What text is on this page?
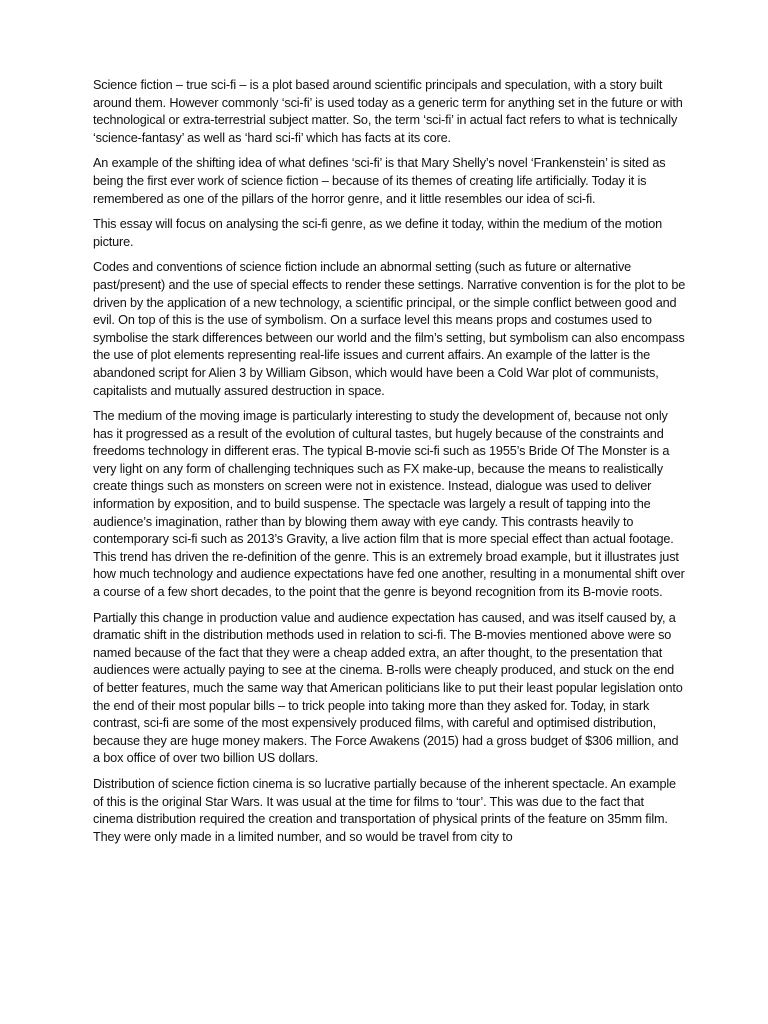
Science fiction – true sci-fi – is a plot based around scientific principals and speculation, with a story built around them. However commonly ‘sci-fi’ is used today as a generic term for anything set in the future or with technological or extra-terrestrial subject matter. So, the term ‘sci-fi’ in actual fact refers to what is technically ‘science-fantasy’ as well as ‘hard sci-fi’ which has facts at its core.

An example of the shifting idea of what defines ‘sci-fi’ is that Mary Shelly’s novel ‘Frankenstein’ is sited as being the first ever work of science fiction – because of its themes of creating life artificially. Today it is remembered as one of the pillars of the horror genre, and it little resembles our idea of sci-fi.

This essay will focus on analysing the sci-fi genre, as we define it today, within the medium of the motion picture.

Codes and conventions of science fiction include an abnormal setting (such as future or alternative past/present) and the use of special effects to render these settings. Narrative convention is for the plot to be driven by the application of a new technology, a scientific principal, or the simple conflict between good and evil. On top of this is the use of symbolism. On a surface level this means props and costumes used to symbolise the stark differences between our world and the film’s setting, but symbolism can also encompass the use of plot elements representing real-life issues and current affairs. An example of the latter is the abandoned script for Alien 3 by William Gibson, which would have been a Cold War plot of communists, capitalists and mutually assured destruction in space.

The medium of the moving image is particularly interesting to study the development of, because not only has it progressed as a result of the evolution of cultural tastes, but hugely because of the constraints and freedoms technology in different eras. The typical B-movie sci-fi such as 1955’s Bride Of The Monster is a very light on any form of challenging techniques such as FX make-up, because the means to realistically create things such as monsters on screen were not in existence. Instead, dialogue was used to deliver information by exposition, and to build suspense. The spectacle was largely a result of tapping into the audience’s imagination, rather than by blowing them away with eye candy. This contrasts heavily to contemporary sci-fi such as 2013’s Gravity, a live action film that is more special effect than actual footage. This trend has driven the re-definition of the genre. This is an extremely broad example, but it illustrates just how much technology and audience expectations have fed one another, resulting in a monumental shift over a course of a few short decades, to the point that the genre is beyond recognition from its B-movie roots.

Partially this change in production value and audience expectation has caused, and was itself caused by, a dramatic shift in the distribution methods used in relation to sci-fi. The B-movies mentioned above were so named because of the fact that they were a cheap added extra, an after thought, to the presentation that audiences were actually paying to see at the cinema. B-rolls were cheaply produced, and stuck on the end of better features, much the same way that American politicians like to put their least popular legislation onto the end of their most popular bills – to trick people into taking more than they asked for. Today, in stark contrast, sci-fi are some of the most expensively produced films, with careful and optimised distribution, because they are huge money makers. The Force Awakens (2015) had a gross budget of $306 million, and a box office of over two billion US dollars.

Distribution of science fiction cinema is so lucrative partially because of the inherent spectacle. An example of this is the original Star Wars. It was usual at the time for films to ‘tour’. This was due to the fact that cinema distribution required the creation and transportation of physical prints of the feature on 35mm film. They were only made in a limited number, and so would be travel from city to
